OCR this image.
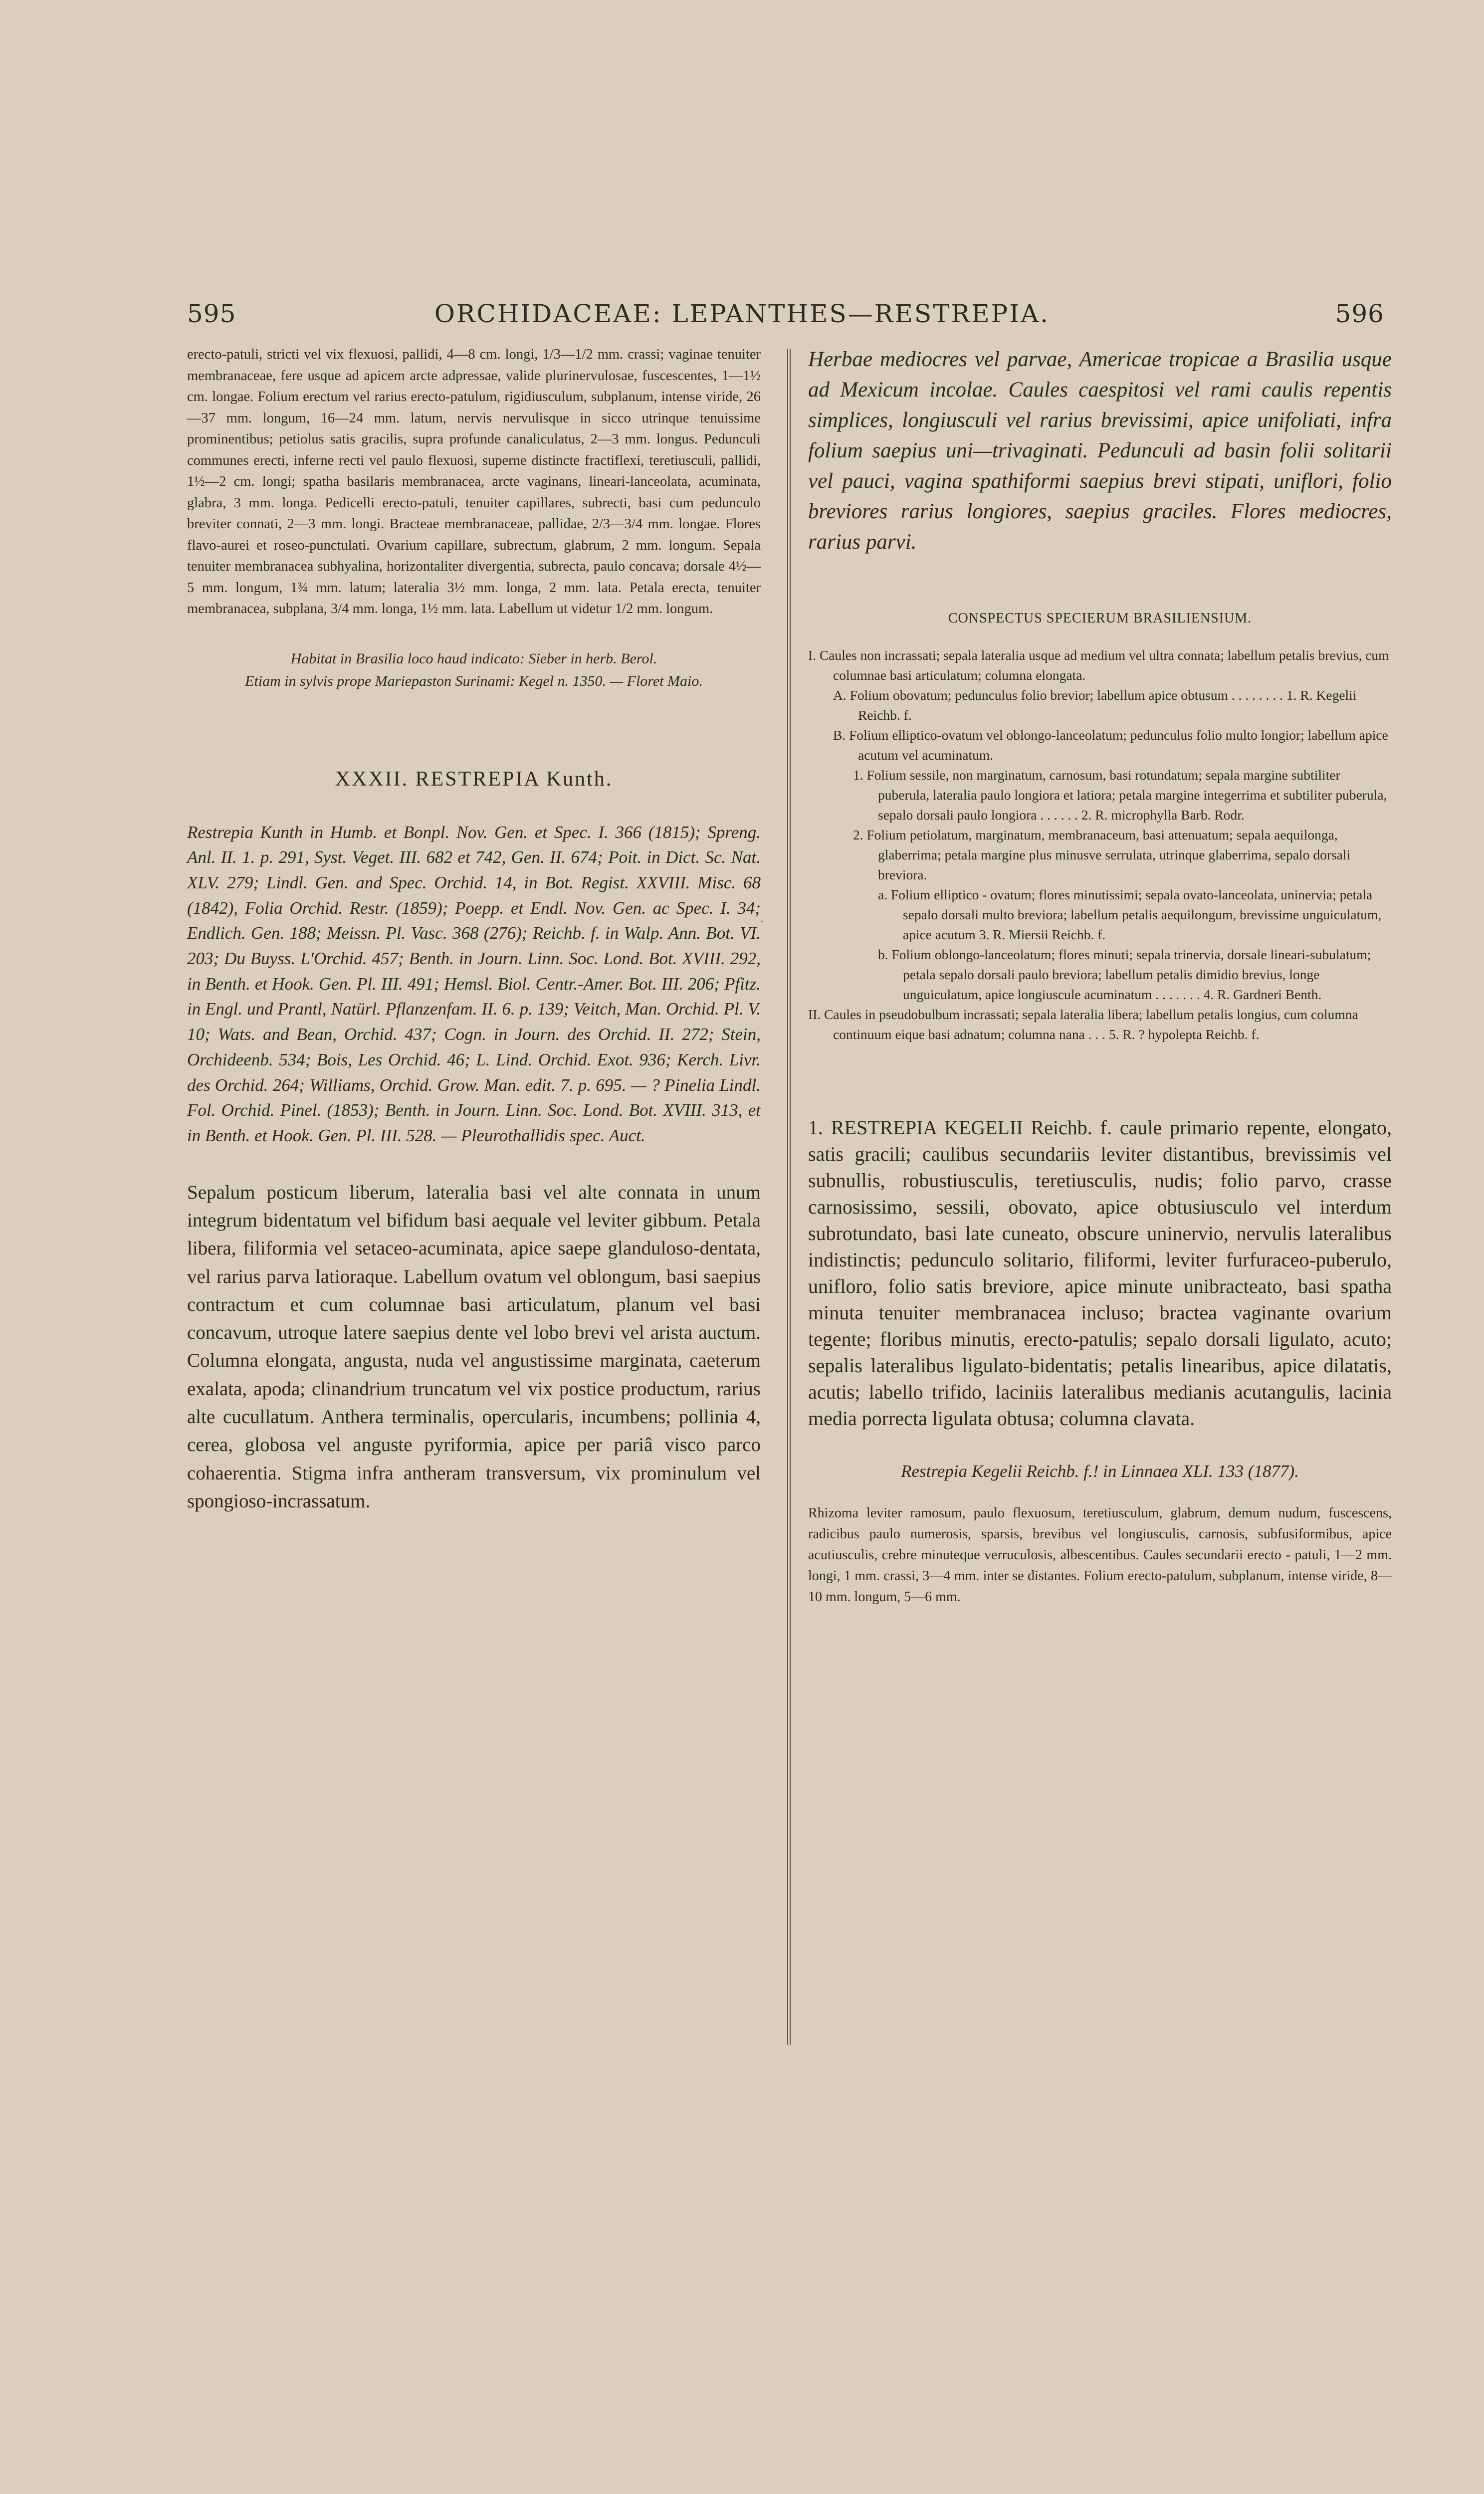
595	ORCHIDACEAE: LEPANTHES—RESTREPIA.	596

erecto-patuli, stricti vel vix flexuosi, pallidi, 4—8 cm. longi, 1/3—1/2 mm. crassi; vaginae tenuiter membranaceae, fere usque ad apicem arcte adpressae, valide plurinervulosae, fuscescentes, 1—1½ cm. longae. Folium erectum vel rarius erecto-patulum, rigidiusculum, subplanum, intense viride, 26—37 mm. longum, 16—24 mm. latum, nervis nervulisque in sicco utrinque tenuissime prominentibus; petiolus satis gracilis, supra profunde canaliculatus, 2—3 mm. longus. Pedunculi communes erecti, inferne recti vel paulo flexuosi, superne distincte fractiflexi, teretiusculi, pallidi, 1½—2 cm. longi; spatha basilaris membranacea, arcte vaginans, lineari-lanceolata, acuminata, glabra, 3 mm. longa. Pedicelli erecto-patuli, tenuiter capillares, subrecti, basi cum pedunculo breviter connati, 2—3 mm. longi. Bracteae membranaceae, pallidae, 2/3—3/4 mm. longae. Flores flavo-aurei et roseo-punctulati. Ovarium capillare, subrectum, glabrum, 2 mm. longum. Sepala tenuiter membranacea subhyalina, horizontaliter divergentia, subrecta, paulo concava; dorsale 4½—5 mm. longum, 1¾ mm. latum; lateralia 3½ mm. longa, 2 mm. lata. Petala erecta, tenuiter membranacea, subplana, 3/4 mm. longa, 1½ mm. lata. Labellum ut videtur 1/2 mm. longum.

Habitat in Brasilia loco haud indicato: Sieber in herb. Berol.
Etiam in sylvis prope Mariepaston Surinami: Kegel n. 1350. — Floret Maio.

XXXII. RESTREPIA Kunth.

Restrepia Kunth in Humb. et Bonpl. Nov. Gen. et Spec. I. 366 (1815); Spreng. Anl. II. 1. p. 291, Syst. Veget. III. 682 et 742, Gen. II. 674; Poit. in Dict. Sc. Nat. XLV. 279; Lindl. Gen. and Spec. Orchid. 14, in Bot. Regist. XXVIII. Misc. 68 (1842), Folia Orchid. Restr. (1859); Poepp. et Endl. Nov. Gen. ac Spec. I. 34; Endlich. Gen. 188; Meissn. Pl. Vasc. 368 (276); Reichb. f. in Walp. Ann. Bot. VI. 203; Du Buyss. L'Orchid. 457; Benth. in Journ. Linn. Soc. Lond. Bot. XVIII. 292, in Benth. et Hook. Gen. Pl. III. 491; Hemsl. Biol. Centr.-Amer. Bot. III. 206; Pfitz. in Engl. und Prantl, Natürl. Pflanzenfam. II. 6. p. 139; Veitch, Man. Orchid. Pl. V. 10; Wats. and Bean, Orchid. 437; Cogn. in Journ. des Orchid. II. 272; Stein, Orchideenb. 534; Bois, Les Orchid. 46; L. Lind. Orchid. Exot. 936; Kerch. Livr. des Orchid. 264; Williams, Orchid. Grow. Man. edit. 7. p. 695. — ? Pinelia Lindl. Fol. Orchid. Pinel. (1853); Benth. in Journ. Linn. Soc. Lond. Bot. XVIII. 313, et in Benth. et Hook. Gen. Pl. III. 528. — Pleurothallidis spec. Auct.

Sepalum posticum liberum, lateralia basi vel alte connata in unum integrum bidentatum vel bifidum basi aequale vel leviter gibbum. Petala libera, filiformia vel setaceo-acuminata, apice saepe glanduloso-dentata, vel rarius parva latioraque. Labellum ovatum vel oblongum, basi saepius contractum et cum columnae basi articulatum, planum vel basi concavum, utroque latere saepius dente vel lobo brevi vel arista auctum. Columna elongata, angusta, nuda vel angustissime marginata, caeterum exalata, apoda; clinandrium truncatum vel vix postice productum, rarius alte cucullatum. Anthera terminalis, opercularis, incumbens; pollinia 4, cerea, globosa vel anguste pyriformia, apice per pariâ visco parco cohaerentia. Stigma infra antheram transversum, vix prominulum vel spongioso-incrassatum.

·

Herbae mediocres vel parvae, Americae tropicae a Brasilia usque ad Mexicum incolae. Caules caespitosi vel rami caulis repentis simplices, longiusculi vel rarius brevissimi, apice unifoliati, infra folium saepius uni—trivaginati. Pedunculi ad basin folii solitarii vel pauci, vagina spathiformi saepius brevi stipati, uniflori, folio breviores rarius longiores, saepius graciles. Flores mediocres, rarius parvi.

CONSPECTUS SPECIERUM BRASILIENSIUM.

I. Caules non incrassati; sepala lateralia usque ad medium vel ultra connata; labellum petalis brevius, cum columnae basi articulatum; columna elongata.

A. Folium obovatum; pedunculus folio brevior; labellum apice obtusum . . . . . . . . 1. R. Kegelii Reichb. f.

B. Folium elliptico-ovatum vel oblongo-lanceolatum; pedunculus folio multo longior; labellum apice acutum vel acuminatum.

1. Folium sessile, non marginatum, carnosum, basi rotundatum; sepala margine subtiliter puberula, lateralia paulo longiora et latiora; petala margine integerrima et subtiliter puberula, sepalo dorsali paulo longiora . . . . . . 2. R. microphylla Barb. Rodr.

2. Folium petiolatum, marginatum, membranaceum, basi attenuatum; sepala aequilonga, glaberrima; petala margine plus minusve serrulata, utrinque glaberrima, sepalo dorsali breviora.

a. Folium elliptico - ovatum; flores minutissimi; sepala ovato-lanceolata, uninervia; petala sepalo dorsali multo breviora; labellum petalis aequilongum, brevissime unguiculatum, apice acutum 3. R. Miersii Reichb. f.

b. Folium oblongo-lanceolatum; flores minuti; sepala trinervia, dorsale lineari-subulatum; petala sepalo dorsali paulo breviora; labellum petalis dimidio brevius, longe unguiculatum, apice longiuscule acuminatum . . . . . . . 4. R. Gardneri Benth.

II. Caules in pseudobulbum incrassati; sepala lateralia libera; labellum petalis longius, cum columna continuum eique basi adnatum; columna nana . . . 5. R. ? hypolepta Reichb. f.

1. RESTREPIA KEGELII Reichb. f. caule primario repente, elongato, satis gracili; caulibus secundariis leviter distantibus, brevissimis vel subnullis, robustiusculis, teretiusculis, nudis; folio parvo, crasse carnosissimo, sessili, obovato, apice obtusiusculo vel interdum subrotundato, basi late cuneato, obscure uninervio, nervulis lateralibus indistinctis; pedunculo solitario, filiformi, leviter furfuraceo-puberulo, unifloro, folio satis breviore, apice minute unibracteato, basi spatha minuta tenuiter membranacea incluso; bractea vaginante ovarium tegente; floribus minutis, erecto-patulis; sepalo dorsali ligulato, acuto; sepalis lateralibus ligulato-bidentatis; petalis linearibus, apice dilatatis, acutis; labello trifido, laciniis lateralibus medianis acutangulis, lacinia media porrecta ligulata obtusa; columna clavata.

Restrepia Kegelii Reichb. f.! in Linnaea XLI. 133 (1877).

Rhizoma leviter ramosum, paulo flexuosum, teretiusculum, glabrum, demum nudum, fuscescens, radicibus paulo numerosis, sparsis, brevibus vel longiusculis, carnosis, subfusiformibus, apice acutiusculis, crebre minuteque verruculosis, albescentibus. Caules secundarii erecto - patuli, 1—2 mm. longi, 1 mm. crassi, 3—4 mm. inter se distantes. Folium erecto-patulum, subplanum, intense viride, 8—10 mm. longum, 5—6 mm.
